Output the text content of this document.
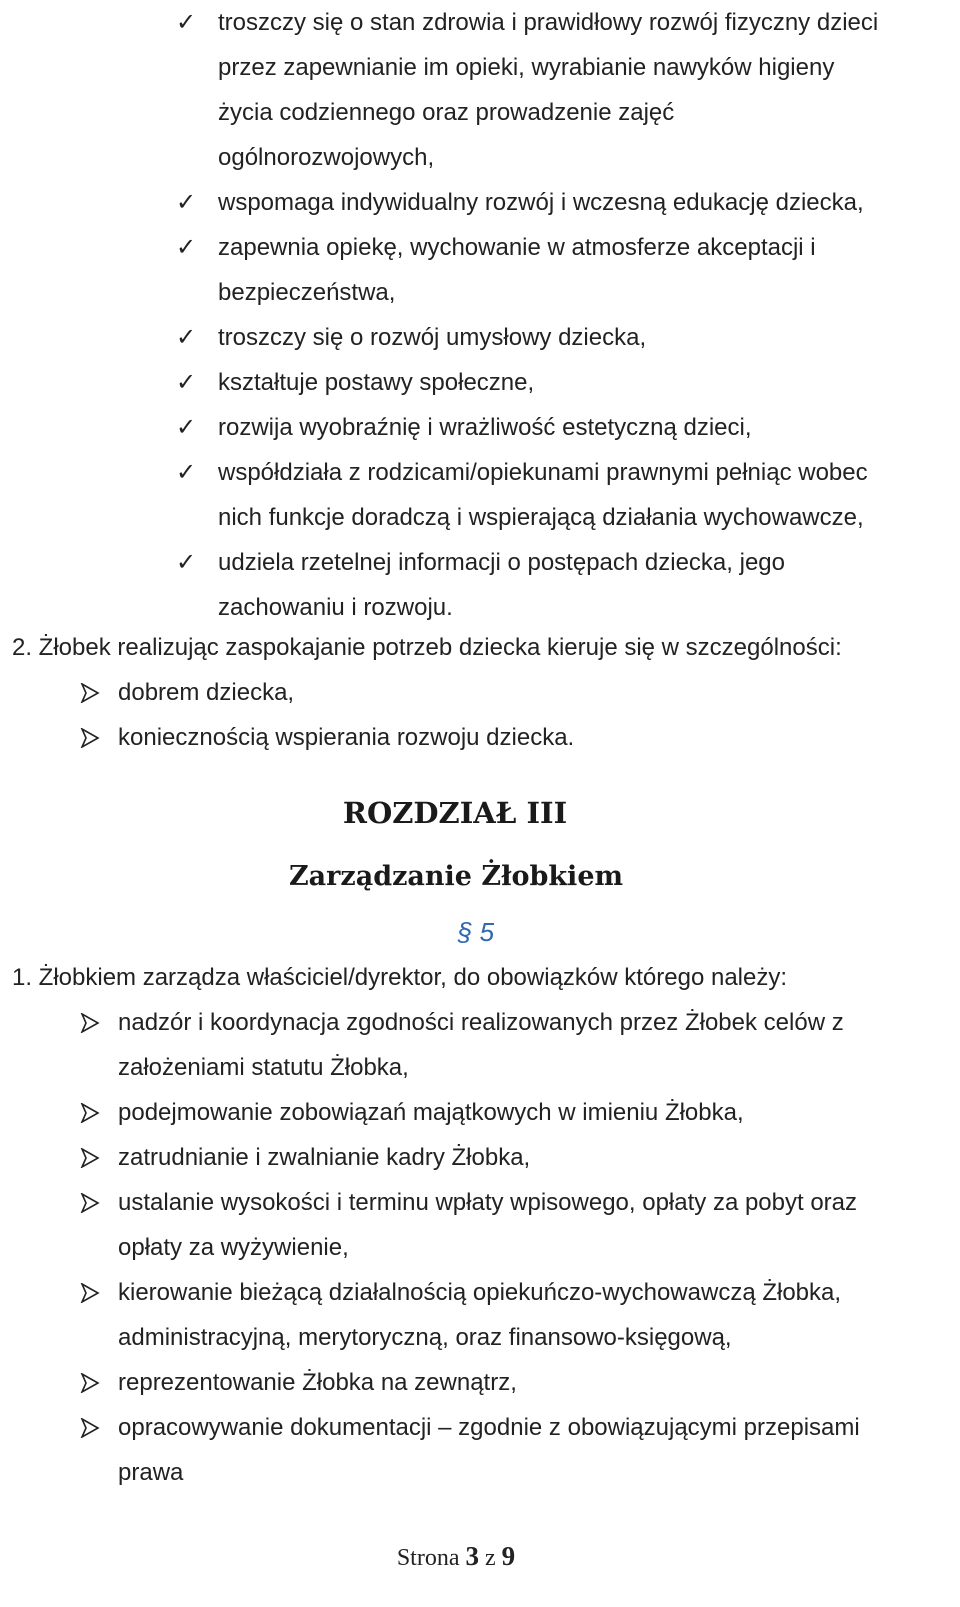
✓ troszczy się o stan zdrowia i prawidłowy rozwój fizyczny dzieci
przez zapewnianie im opieki, wyrabianie nawyków higieny
życia codziennego oraz prowadzenie zajęć
ogólnorozwojowych,
✓ wspomaga indywidualny rozwój i wczesną edukację dziecka,
✓ zapewnia opiekę, wychowanie w atmosferze akceptacji i
bezpieczeństwa,
✓ troszczy się o rozwój umysłowy dziecka,
✓ kształtuje postawy społeczne,
✓ rozwija wyobraźnię i wrażliwość estetyczną dzieci,
✓ współdziała z rodzicami/opiekunami prawnymi pełniąc wobec
nich funkcje doradczą i wspierającą działania wychowawcze,
✓ udziela rzetelnej informacji o postępach dziecka, jego
zachowaniu i rozwoju.
2. Żłobek realizując zaspokajanie potrzeb dziecka kieruje się w szczególności:
dobrem dziecka,
koniecznością wspierania rozwoju dziecka.
ROZDZIAŁ III
Zarządzanie Żłobkiem
§ 5
1. Żłobkiem zarządza właściciel/dyrektor, do obowiązków którego należy:
nadzór i koordynacja zgodności realizowanych przez Żłobek celów z
założeniami statutu Żłobka,
podejmowanie zobowiązań majątkowych w imieniu Żłobka,
zatrudnianie i zwalnianie kadry Żłobka,
ustalanie wysokości i terminu wpłaty wpisowego, opłaty za pobyt oraz
opłaty za wyżywienie,
kierowanie bieżącą działalnością opiekuńczo-wychowawczą Żłobka,
administracyjną, merytoryczną, oraz finansowo-księgową,
reprezentowanie Żłobka na zewnątrz,
opracowywanie dokumentacji – zgodnie z obowiązującymi przepisami
prawa
Strona 3 z 9
